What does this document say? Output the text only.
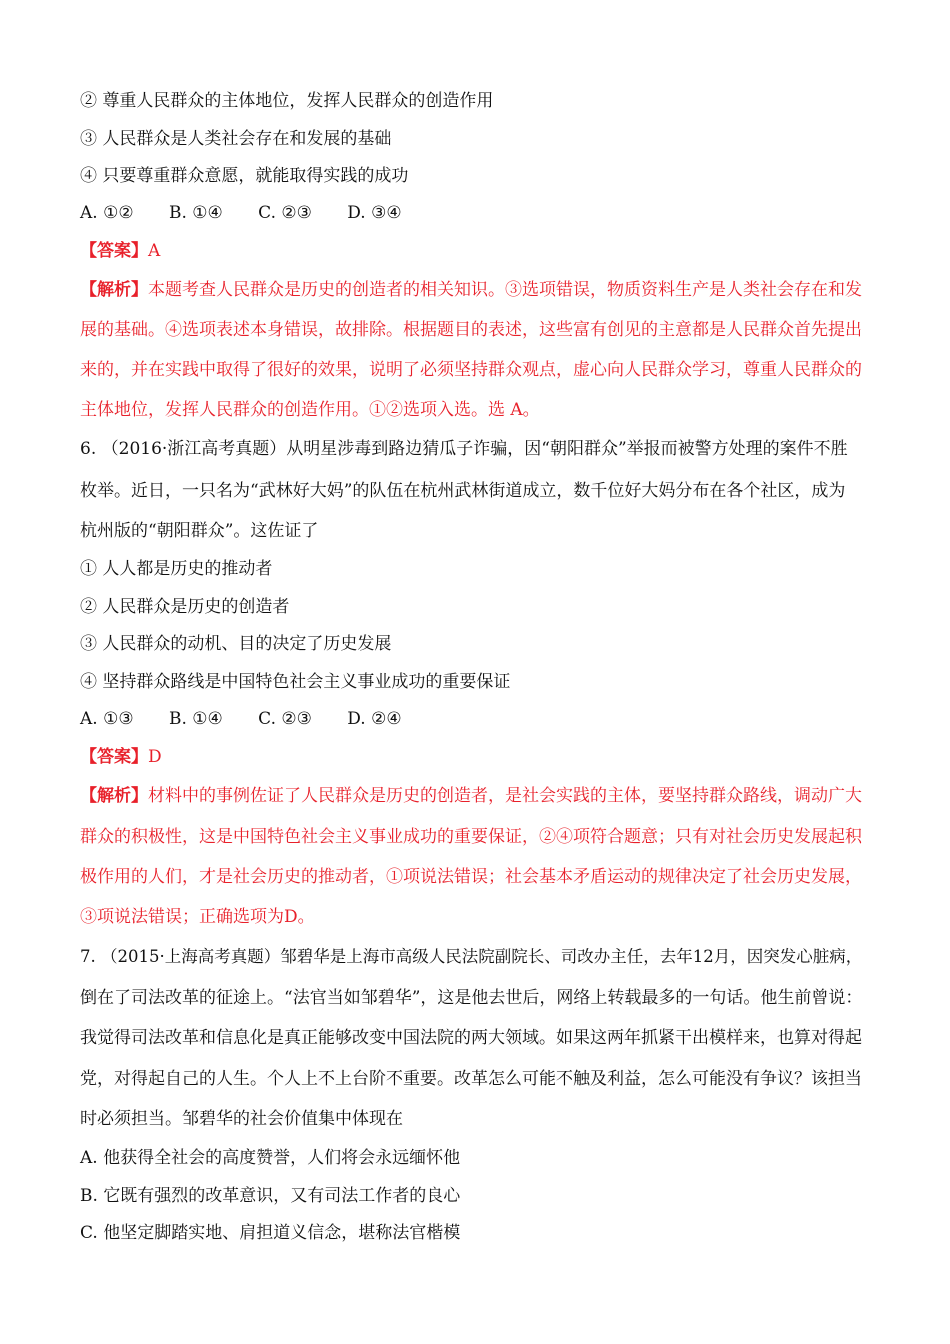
② 尊重人民群众的主体地位，发挥人民群众的创造作用
③ 人民群众是人类社会存在和发展的基础
④ 只要尊重群众意愿，就能取得实践的成功
A. ①② B. ①④ C. ②③ D. ③④
【答案】A
【解析】本题考查人民群众是历史的创造者的相关知识。③选项错误，物质资料生产是人类社会存在和发
展的基础。④选项表述本身错误，故排除。根据题目的表述，这些富有创见的主意都是人民群众首先提出
来的，并在实践中取得了很好的效果，说明了必须坚持群众观点，虚心向人民群众学习，尊重人民群众的
主体地位，发挥人民群众的创造作用。①②选项入选。选 A。
6. （2016·浙江高考真题）从明星涉毒到路边猜瓜子诈骗，因“朝阳群众”举报而被警方处理的案件不胜
枚举。近日，一只名为“武林好大妈”的队伍在杭州武林街道成立，数千位好大妈分布在各个社区，成为
杭州版的“朝阳群众”。这佐证了
① 人人都是历史的推动者
② 人民群众是历史的创造者
③ 人民群众的动机、目的决定了历史发展
④ 坚持群众路线是中国特色社会主义事业成功的重要保证
A. ①③ B. ①④ C. ②③ D. ②④
【答案】D
【解析】材料中的事例佐证了人民群众是历史的创造者，是社会实践的主体，要坚持群众路线，调动广大
群众的积极性，这是中国特色社会主义事业成功的重要保证，②④项符合题意；只有对社会历史发展起积
极作用的人们，才是社会历史的推动者，①项说法错误；社会基本矛盾运动的规律决定了社会历史发展，
③项说法错误；正确选项为D。
7. （2015·上海高考真题）邹碧华是上海市高级人民法院副院长、司改办主任，去年12月，因突发心脏病，
倒在了司法改革的征途上。“法官当如邹碧华”，这是他去世后，网络上转载最多的一句话。他生前曾说：
我觉得司法改革和信息化是真正能够改变中国法院的两大领域。如果这两年抓紧干出模样来，也算对得起
党，对得起自己的人生。个人上不上台阶不重要。改革怎么可能不触及利益，怎么可能没有争议？该担当
时必须担当。邹碧华的社会价值集中体现在
A. 他获得全社会的高度赞誉，人们将会永远缅怀他
B. 它既有强烈的改革意识，又有司法工作者的良心
C. 他坚定脚踏实地、肩担道义信念，堪称法官楷模
